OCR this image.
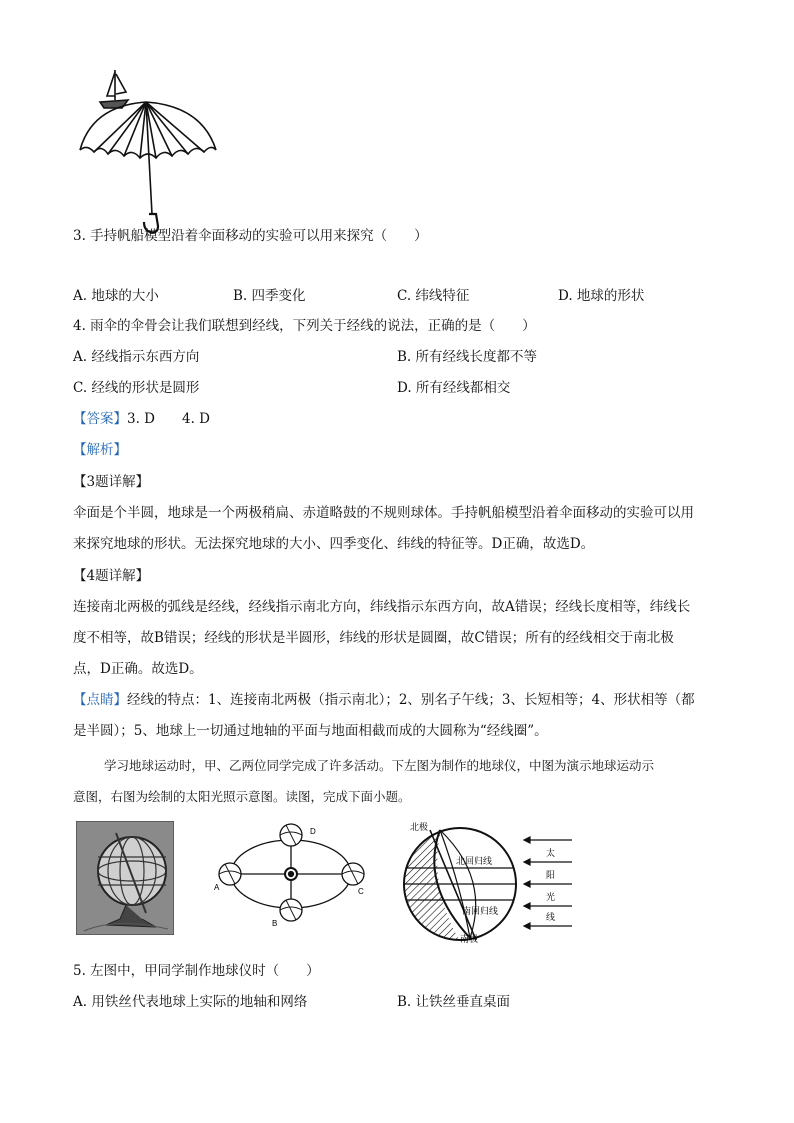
3. 手持帆船模型沿着伞面移动的实验可以用来探究（　　）
A. 地球的大小	B. 四季变化	C. 纬线特征	D. 地球的形状
4. 雨伞的伞骨会让我们联想到经线，下列关于经线的说法，正确的是（　　）
A. 经线指示东西方向	B. 所有经线长度都不等
C. 经线的形状是圆形	D. 所有经线都相交
【答案】3. D　　4. D
【解析】
【3题详解】
伞面是个半圆，地球是一个两极稍扁、赤道略鼓的不规则球体。手持帆船模型沿着伞面移动的实验可以用
来探究地球的形状。无法探究地球的大小、四季变化、纬线的特征等。D正确，故选D。
【4题详解】
连接南北两极的弧线是经线，经线指示南北方向，纬线指示东西方向，故A错误；经线长度相等，纬线长
度不相等，故B错误；经线的形状是半圆形，纬线的形状是圆圈，故C错误；所有的经线相交于南北极
点，D正确。故选D。
【点睛】经线的特点：1、连接南北两极（指示南北）；2、别名子午线；3、长短相等；4、形状相等（都
是半圆）；5、地球上一切通过地轴的平面与地面相截而成的大圆称为“经线圈”。
学习地球运动时，甲、乙两位同学完成了许多活动。下左图为制作的地球仪，中图为演示地球运动示
意图，右图为绘制的太阳光照示意图。读图，完成下面小题。
A
B
C
D	北极
南极
北回归线
南回归线
太
阳
光
线
5. 左图中，甲同学制作地球仪时（　　）
A. 用铁丝代表地球上实际的地轴和网络	B. 让铁丝垂直桌面
